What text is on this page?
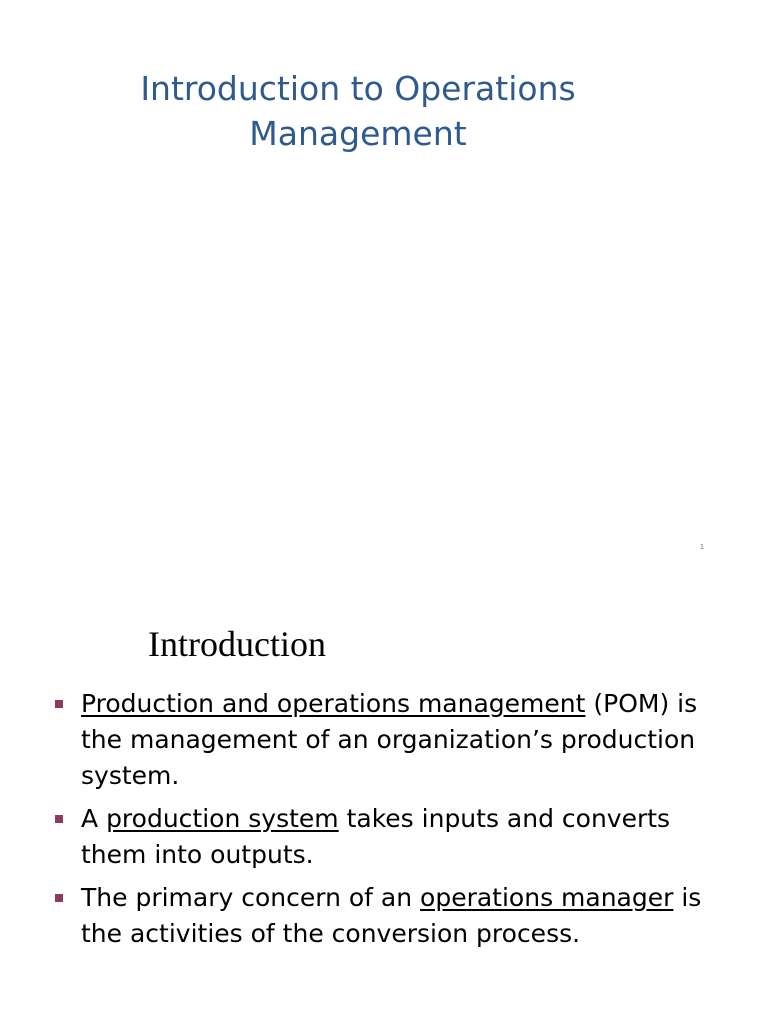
Introduction to Operations
Management
1
Introduction
Production and operations management (POM) is the management of an organization’s production system.
A production system takes inputs and converts them into outputs.
The primary concern of an operations manager is the activities of the conversion process.
